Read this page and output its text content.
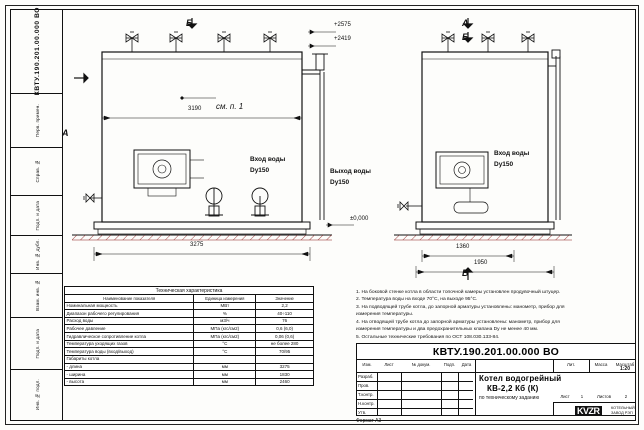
КВТУ.190.201.00.000 ВО
Перв. примен.
Справ. №
Подп. и дата
Инв. № дубл.
Взам. инв. №
Подп. и дата
Инв. № подл.
Б
А
см. п. 1
+2575
+2419
±0,000
3190
3275
Вход воды
Dy150	Выход воды
Dy150
А
Б
Б
Вход воды
Dy150
1360
1950
1. На боковой стенке котла в области топочной камеры установлен продувочный штуцер.
2. Температура воды на входе 70°С, на выходе 95°С.
3. На подводящей трубе котла, до запорной арматуры установлены: манометр, прибор для
измерения температуры.
4. На отводящей трубе котла до запорной арматуры установлены: манометр, прибор для
измерения температуры и два предохранительных клапана Dy не менее 40 мм.
5. Остальные технические требования по ОСТ 108.030.133-84.
Техническая характеристика		
Наименование показателя	Единица измерения	Значение
Номинальная мощность	МВт	2,2
Диапазон рабочего регулирования	%	40÷110
Расход воды	м3/ч	76
Рабочее давление	МПа (кгс/см2)	0,6 (6,0)
Гидравлическое сопротивление котла	МПа (кгс/см2)	0,06 (0,6)
Температура уходящих газов	°С	не более 280
Температура воды (вход/выход)	°С	70/95
Габариты котла		
- длина	мм	3275
- ширина	мм	1830
- высота	мм	2460
КВТУ.190.201.00.000 ВО
Изм.	Лист	№ докум.	Подп.	Дата	Лит.	Масса	Масштаб
Разраб.
Пров.
Т.контр.
Н.контр.
Утв.
Котел водогрейный
КВ-2,2 Кб (К)
по техническому заданию
1:20
Лист	1	Листов	2
KVZR	КОТЕЛЬНЫЙ
ЗАВОД РЭП
Формат А3
